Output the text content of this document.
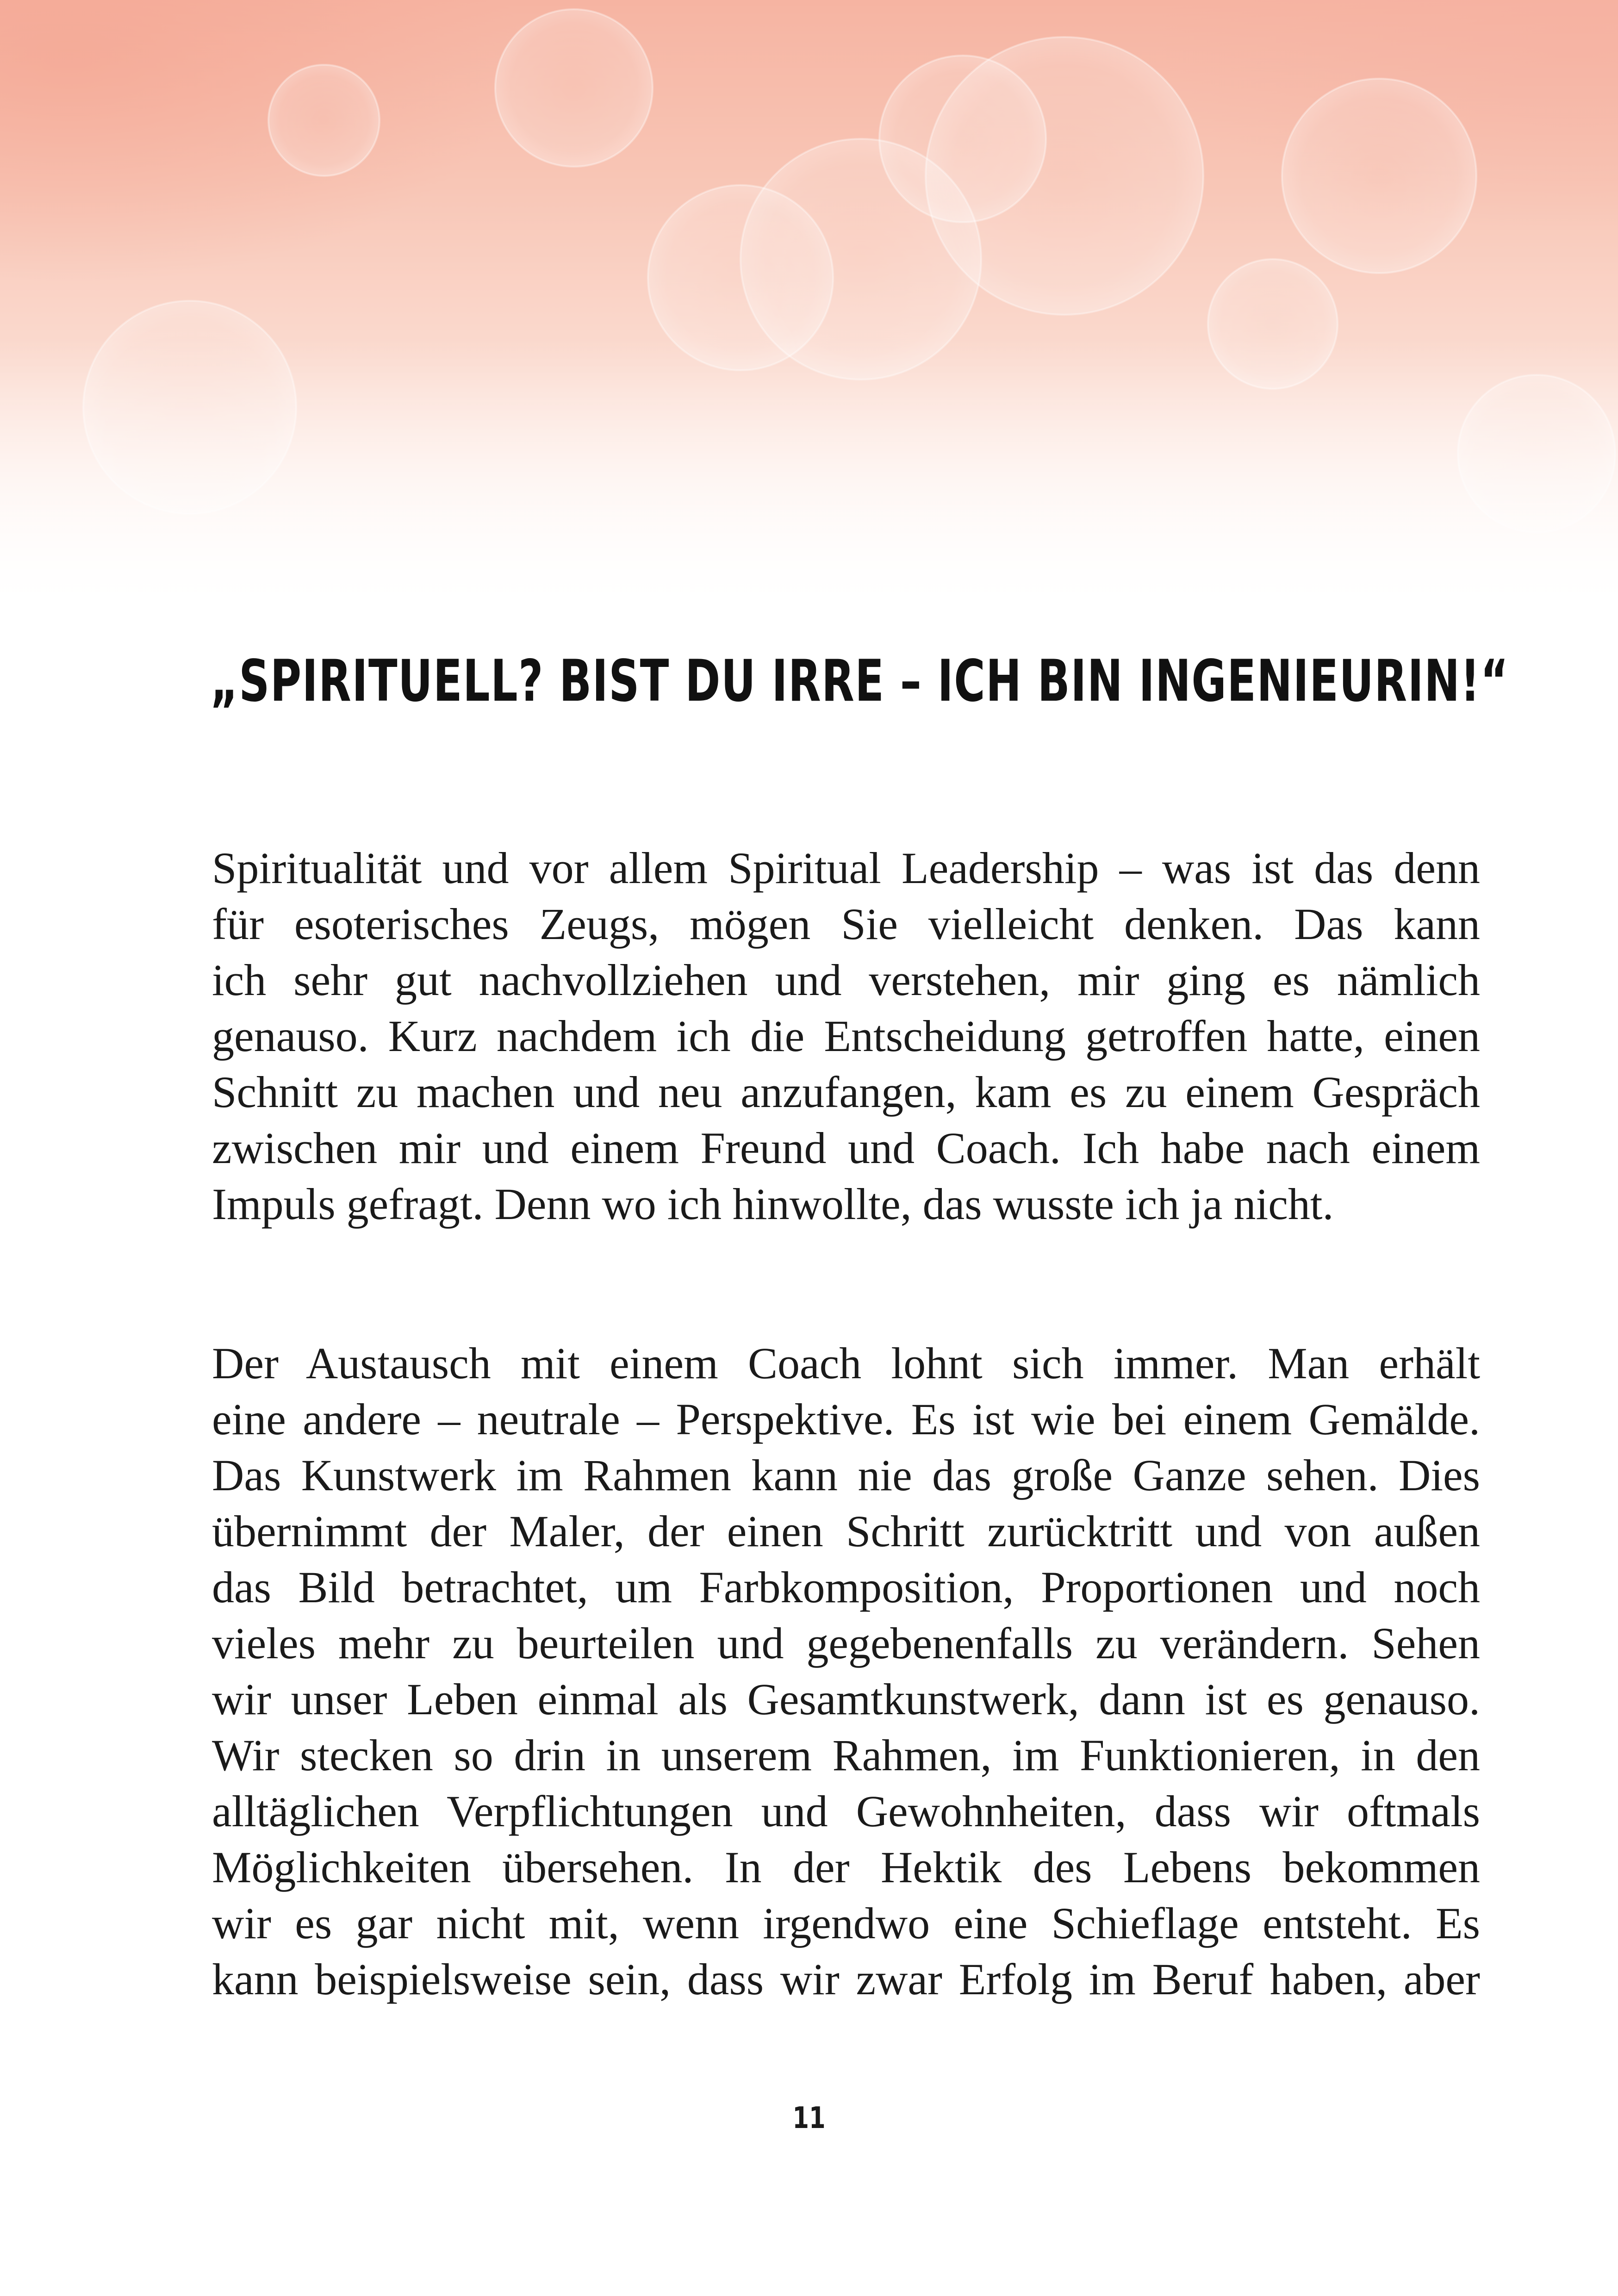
„SPIRITUELL? BIST DU IRRE – ICH BIN INGENIEURIN!“

Spiritualität und vor allem Spiritual Leadership – was ist das denn
für esoterisches Zeugs, mögen Sie vielleicht denken. Das kann
ich sehr gut nachvollziehen und verstehen, mir ging es nämlich
genauso. Kurz nachdem ich die Entscheidung getroffen hatte, einen
Schnitt zu machen und neu anzufangen, kam es zu einem Gespräch
zwischen mir und einem Freund und Coach. Ich habe nach einem
Impuls gefragt. Denn wo ich hinwollte, das wusste ich ja nicht.

Der Austausch mit einem Coach lohnt sich immer. Man erhält
eine andere – neutrale – Perspektive. Es ist wie bei einem Gemälde.
Das Kunstwerk im Rahmen kann nie das große Ganze sehen. Dies
übernimmt der Maler, der einen Schritt zurücktritt und von außen
das Bild betrachtet, um Farbkomposition, Proportionen und noch
vieles mehr zu beurteilen und gegebenenfalls zu verändern. Sehen
wir unser Leben einmal als Gesamtkunstwerk, dann ist es genauso.
Wir stecken so drin in unserem Rahmen, im Funktionieren, in den
alltäglichen Verpflichtungen und Gewohnheiten, dass wir oftmals
Möglichkeiten übersehen. In der Hektik des Lebens bekommen
wir es gar nicht mit, wenn irgendwo eine Schieflage entsteht. Es
kann beispielsweise sein, dass wir zwar Erfolg im Beruf haben, aber

11
